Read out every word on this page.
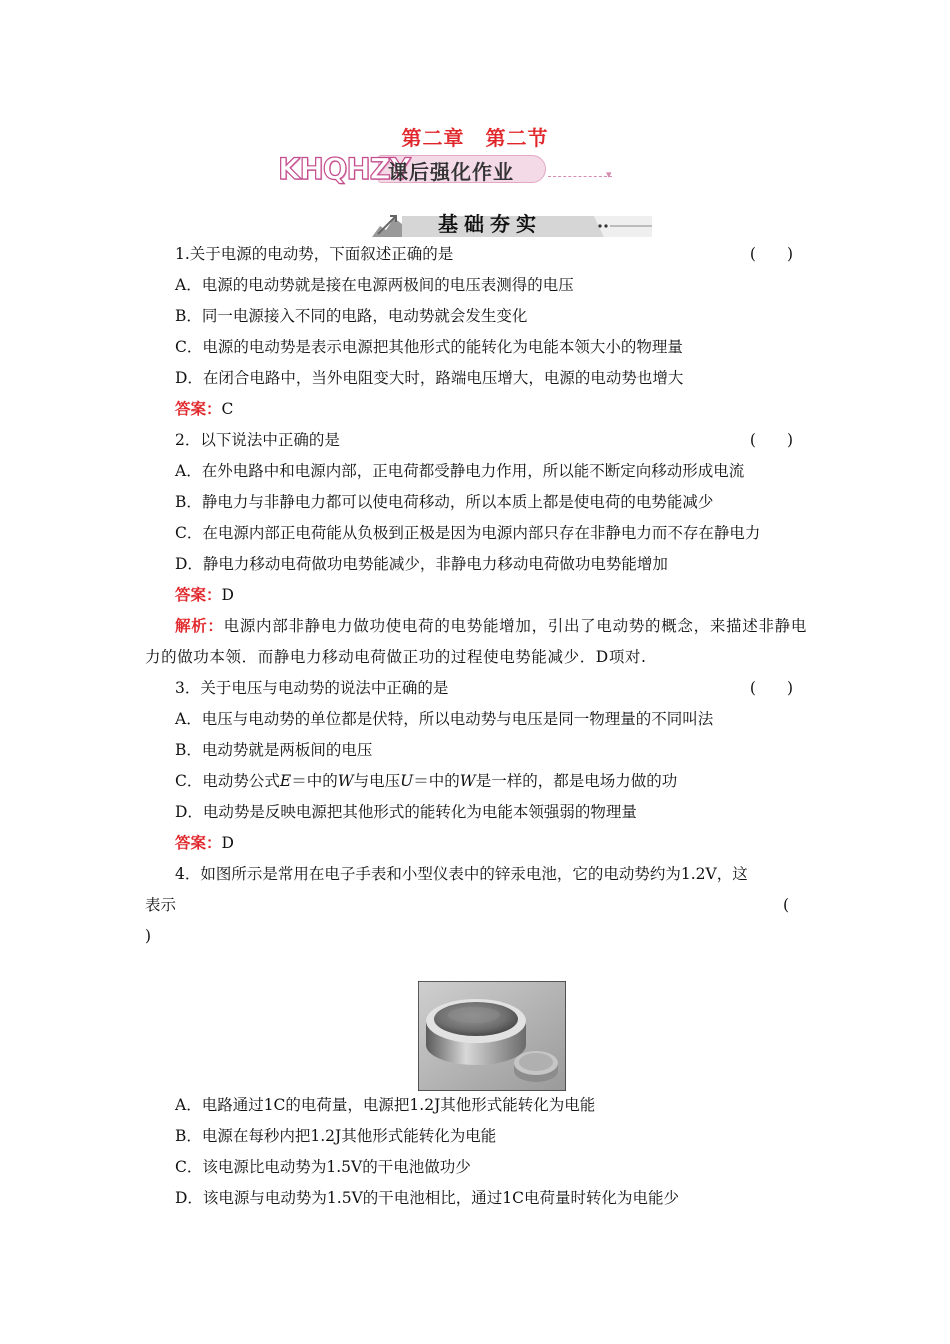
第二章　第二节
KHQHZY
课后强化作业	▾
基础夯实
1.关于电源的电动势，下面叙述正确的是	(　　)
A．电源的电动势就是接在电源两极间的电压表测得的电压
B．同一电源接入不同的电路，电动势就会发生变化
C．电源的电动势是表示电源把其他形式的能转化为电能本领大小的物理量
D．在闭合电路中，当外电阻变大时，路端电压增大，电源的电动势也增大
答案：C
2．以下说法中正确的是	(　　)
A．在外电路中和电源内部，正电荷都受静电力作用，所以能不断定向移动形成电流
B．静电力与非静电力都可以使电荷移动，所以本质上都是使电荷的电势能减少
C．在电源内部正电荷能从负极到正极是因为电源内部只存在非静电力而不存在静电力
D．静电力移动电荷做功电势能减少，非静电力移动电荷做功电势能增加
答案：D
解析：电源内部非静电力做功使电荷的电势能增加，引出了电动势的概念，来描述非静电力的做功本领．而静电力移动电荷做正功的过程使电势能减少．D项对.
3．关于电压与电动势的说法中正确的是	(　　)
A．电压与电动势的单位都是伏特，所以电动势与电压是同一物理量的不同叫法
B．电动势就是两板间的电压
C．电动势公式E＝中的W与电压U＝中的W是一样的，都是电场力做的功
D．电动势是反映电源把其他形式的能转化为电能本领强弱的物理量
答案：D
4．如图所示是常用在电子手表和小型仪表中的锌汞电池，它的电动势约为1.2V，这
表示	(
)
A．电路通过1C的电荷量，电源把1.2J其他形式能转化为电能
B．电源在每秒内把1.2J其他形式能转化为电能
C．该电源比电动势为1.5V的干电池做功少
D．该电源与电动势为1.5V的干电池相比，通过1C电荷量时转化为电能少
